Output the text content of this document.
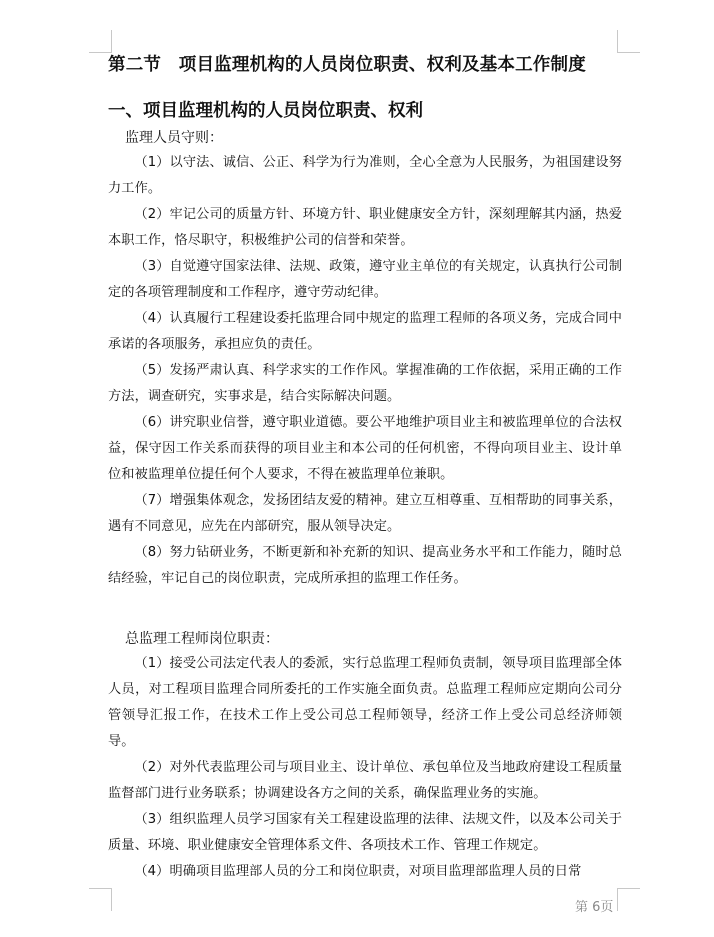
第二节　项目监理机构的人员岗位职责、权利及基本工作制度
一、项目监理机构的人员岗位职责、权利

监理人员守则：

（1）以守法、诚信、公正、科学为行为准则，全心全意为人民服务，为祖国建设努力工作。

（2）牢记公司的质量方针、环境方针、职业健康安全方针，深刻理解其内涵，热爱本职工作，恪尽职守，积极维护公司的信誉和荣誉。

（3）自觉遵守国家法律、法规、政策，遵守业主单位的有关规定，认真执行公司制定的各项管理制度和工作程序，遵守劳动纪律。

（4）认真履行工程建设委托监理合同中规定的监理工程师的各项义务，完成合同中承诺的各项服务，承担应负的责任。

（5）发扬严肃认真、科学求实的工作作风。掌握准确的工作依据，采用正确的工作方法，调查研究，实事求是，结合实际解决问题。

（6）讲究职业信誉，遵守职业道德。要公平地维护项目业主和被监理单位的合法权益，保守因工作关系而获得的项目业主和本公司的任何机密，不得向项目业主、设计单位和被监理单位提任何个人要求，不得在被监理单位兼职。

（7）增强集体观念，发扬团结友爱的精神。建立互相尊重、互相帮助的同事关系，遇有不同意见，应先在内部研究，服从领导决定。

（8）努力钻研业务，不断更新和补充新的知识、提高业务水平和工作能力，随时总结经验，牢记自己的岗位职责，完成所承担的监理工作任务。

总监理工程师岗位职责：

（1）接受公司法定代表人的委派，实行总监理工程师负责制，领导项目监理部全体人员，对工程项目监理合同所委托的工作实施全面负责。总监理工程师应定期向公司分管领导汇报工作，在技术工作上受公司总工程师领导，经济工作上受公司总经济师领导。

（2）对外代表监理公司与项目业主、设计单位、承包单位及当地政府建设工程质量监督部门进行业务联系；协调建设各方之间的关系，确保监理业务的实施。

（3）组织监理人员学习国家有关工程建设监理的法律、法规文件，以及本公司关于质量、环境、职业健康安全管理体系文件、各项技术工作、管理工作规定。

（4）明确项目监理部人员的分工和岗位职责，对项目监理部监理人员的日常

第 6页
